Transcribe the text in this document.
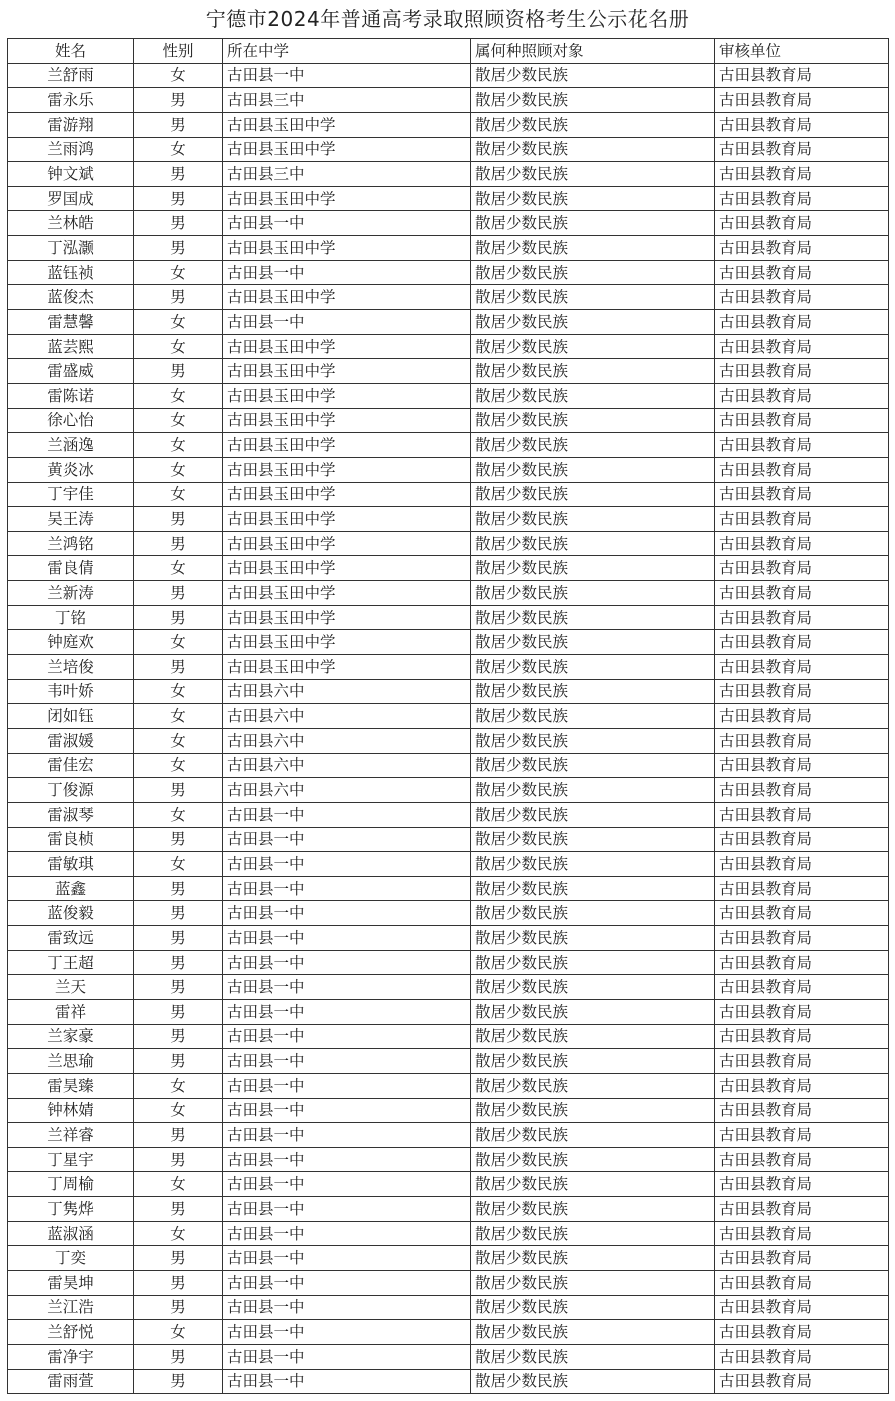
宁德市2024年普通高考录取照顾资格考生公示花名册
姓名	性别	所在中学	属何种照顾对象	审核单位
兰舒雨	女	古田县一中	散居少数民族	古田县教育局
雷永乐	男	古田县三中	散居少数民族	古田县教育局
雷游翔	男	古田县玉田中学	散居少数民族	古田县教育局
兰雨鸿	女	古田县玉田中学	散居少数民族	古田县教育局
钟文斌	男	古田县三中	散居少数民族	古田县教育局
罗国成	男	古田县玉田中学	散居少数民族	古田县教育局
兰林皓	男	古田县一中	散居少数民族	古田县教育局
丁泓灏	男	古田县玉田中学	散居少数民族	古田县教育局
蓝钰祯	女	古田县一中	散居少数民族	古田县教育局
蓝俊杰	男	古田县玉田中学	散居少数民族	古田县教育局
雷慧馨	女	古田县一中	散居少数民族	古田县教育局
蓝芸熙	女	古田县玉田中学	散居少数民族	古田县教育局
雷盛威	男	古田县玉田中学	散居少数民族	古田县教育局
雷陈诺	女	古田县玉田中学	散居少数民族	古田县教育局
徐心怡	女	古田县玉田中学	散居少数民族	古田县教育局
兰涵逸	女	古田县玉田中学	散居少数民族	古田县教育局
黄炎冰	女	古田县玉田中学	散居少数民族	古田县教育局
丁宇佳	女	古田县玉田中学	散居少数民族	古田县教育局
吴王涛	男	古田县玉田中学	散居少数民族	古田县教育局
兰鸿铭	男	古田县玉田中学	散居少数民族	古田县教育局
雷良倩	女	古田县玉田中学	散居少数民族	古田县教育局
兰新涛	男	古田县玉田中学	散居少数民族	古田县教育局
丁铭	男	古田县玉田中学	散居少数民族	古田县教育局
钟庭欢	女	古田县玉田中学	散居少数民族	古田县教育局
兰培俊	男	古田县玉田中学	散居少数民族	古田县教育局
韦叶娇	女	古田县六中	散居少数民族	古田县教育局
闭如钰	女	古田县六中	散居少数民族	古田县教育局
雷淑媛	女	古田县六中	散居少数民族	古田县教育局
雷佳宏	女	古田县六中	散居少数民族	古田县教育局
丁俊源	男	古田县六中	散居少数民族	古田县教育局
雷淑琴	女	古田县一中	散居少数民族	古田县教育局
雷良桢	男	古田县一中	散居少数民族	古田县教育局
雷敏琪	女	古田县一中	散居少数民族	古田县教育局
蓝鑫	男	古田县一中	散居少数民族	古田县教育局
蓝俊毅	男	古田县一中	散居少数民族	古田县教育局
雷致远	男	古田县一中	散居少数民族	古田县教育局
丁王超	男	古田县一中	散居少数民族	古田县教育局
兰天	男	古田县一中	散居少数民族	古田县教育局
雷祥	男	古田县一中	散居少数民族	古田县教育局
兰家豪	男	古田县一中	散居少数民族	古田县教育局
兰思瑜	男	古田县一中	散居少数民族	古田县教育局
雷昊臻	女	古田县一中	散居少数民族	古田县教育局
钟林婧	女	古田县一中	散居少数民族	古田县教育局
兰祥睿	男	古田县一中	散居少数民族	古田县教育局
丁星宇	男	古田县一中	散居少数民族	古田县教育局
丁周榆	女	古田县一中	散居少数民族	古田县教育局
丁隽烨	男	古田县一中	散居少数民族	古田县教育局
蓝淑涵	女	古田县一中	散居少数民族	古田县教育局
丁奕	男	古田县一中	散居少数民族	古田县教育局
雷昊坤	男	古田县一中	散居少数民族	古田县教育局
兰江浩	男	古田县一中	散居少数民族	古田县教育局
兰舒悦	女	古田县一中	散居少数民族	古田县教育局
雷净宇	男	古田县一中	散居少数民族	古田县教育局
雷雨萱	男	古田县一中	散居少数民族	古田县教育局
